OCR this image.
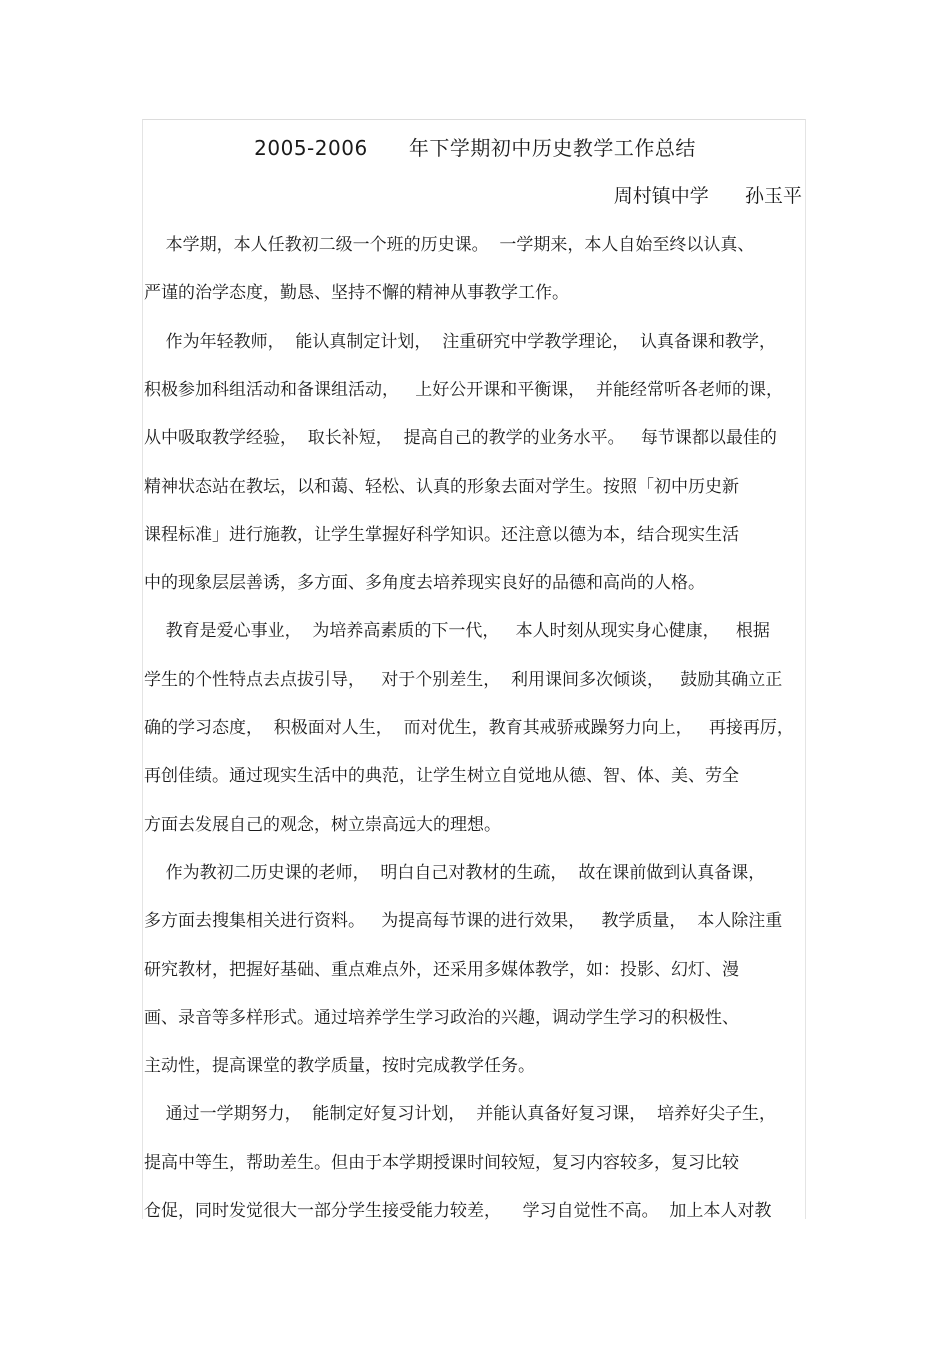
2005-2006      年下学期初中历史教学工作总结
周村镇中学      孙玉平
本学期，本人任教初二级一个班的历史课。  一学期来，本人自始至终以认真、
严谨的治学态度，勤恳、坚持不懈的精神从事教学工作。
作为年轻教师，  能认真制定计划，  注重研究中学教学理论，  认真备课和教学，
积极参加科组活动和备课组活动，   上好公开课和平衡课，  并能经常听各老师的课，
从中吸取教学经验，  取长补短，  提高自己的教学的业务水平。   每节课都以最佳的
精神状态站在教坛，以和蔼、轻松、认真的形象去面对学生。按照「初中历史新
课程标准」进行施教，让学生掌握好科学知识。还注意以德为本，结合现实生活
中的现象层层善诱，多方面、多角度去培养现实良好的品德和高尚的人格。
教育是爱心事业，  为培养高素质的下一代，   本人时刻从现实身心健康，   根据
学生的个性特点去点拔引导，   对于个别差生，  利用课间多次倾谈，   鼓励其确立正
确的学习态度，  积极面对人生，  而对优生，教育其戒骄戒躁努力向上，   再接再厉，
再创佳绩。通过现实生活中的典范，让学生树立自觉地从德、智、体、美、劳全
方面去发展自己的观念，树立崇高远大的理想。
作为教初二历史课的老师，  明白自己对教材的生疏，  故在课前做到认真备课，
多方面去搜集相关进行资料。   为提高每节课的进行效果，   教学质量，  本人除注重
研究教材，把握好基础、重点难点外，还采用多媒体教学，如：投影、幻灯、漫
画、录音等多样形式。通过培养学生学习政治的兴趣，调动学生学习的积极性、
主动性，提高课堂的教学质量，按时完成教学任务。
通过一学期努力，  能制定好复习计划，  并能认真备好复习课，  培养好尖子生，
提高中等生，帮助差生。但由于本学期授课时间较短，复习内容较多，复习比较
仓促，同时发觉很大一部分学生接受能力较差，    学习自觉性不高。  加上本人对教
